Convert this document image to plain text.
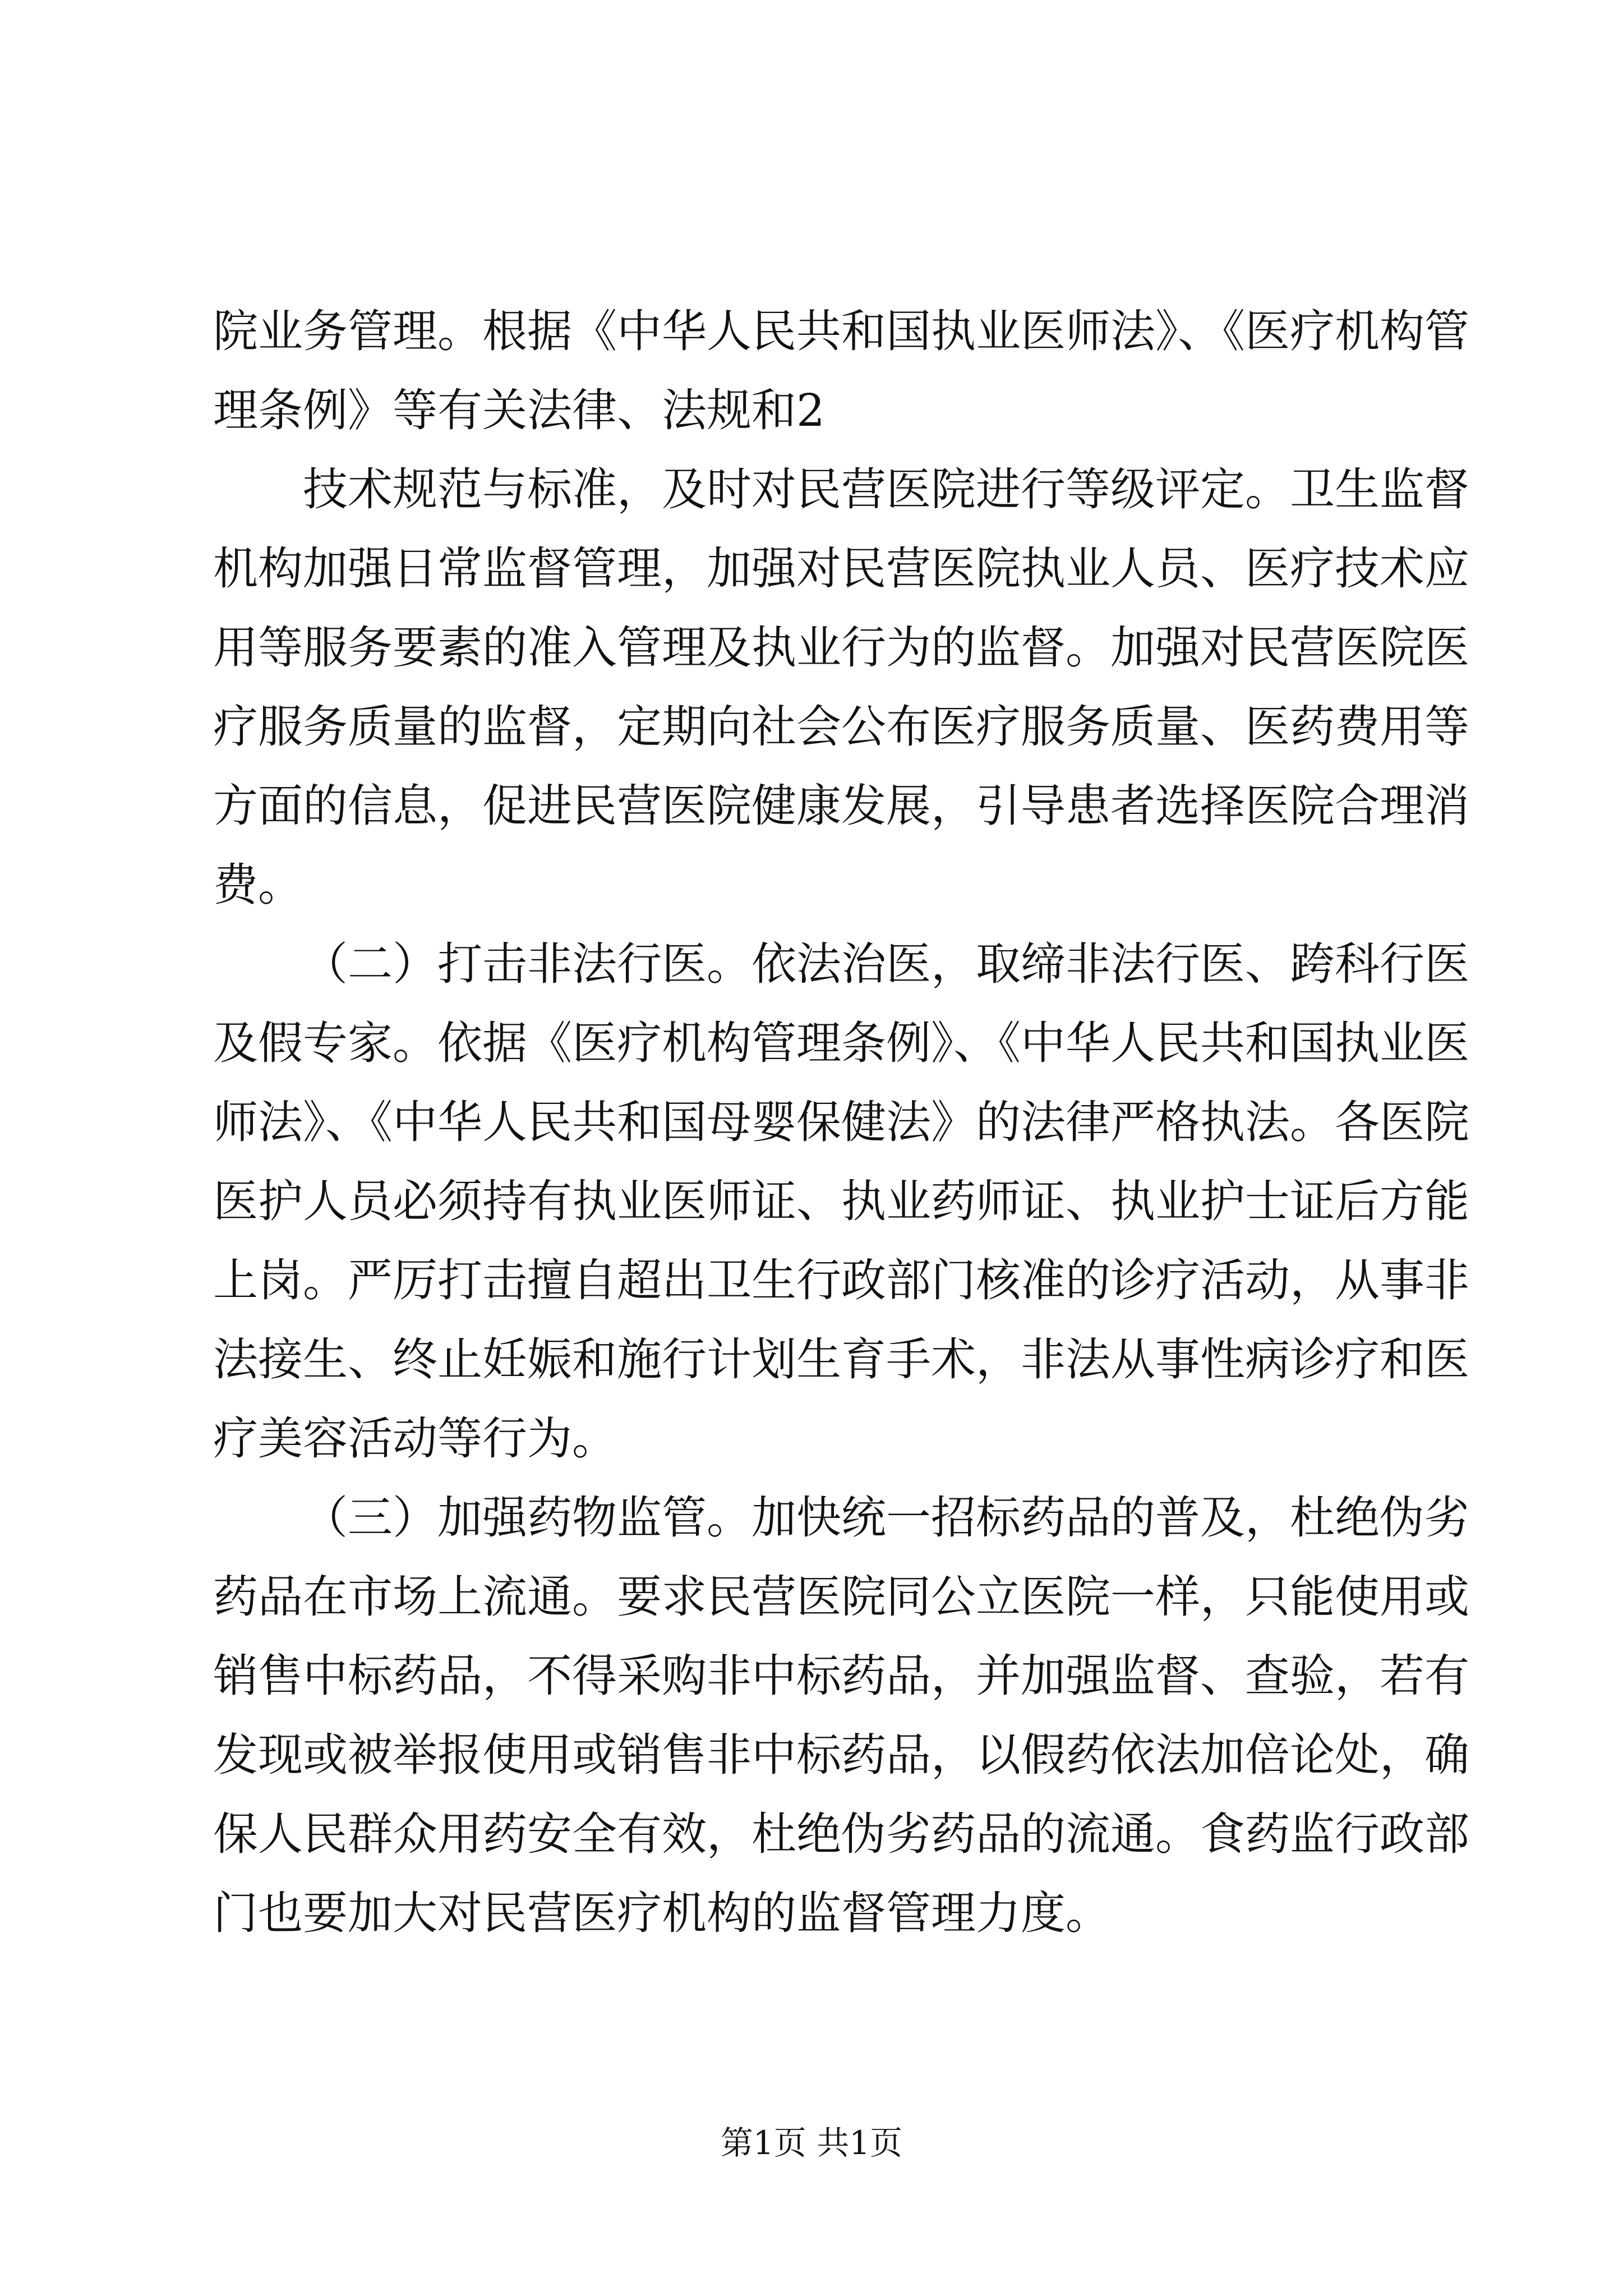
院业务管理。根据《中华人民共和国执业医师法》、《医疗机构管
理条例》等有关法律、法规和2
技术规范与标准，及时对民营医院进行等级评定。卫生监督
机构加强日常监督管理，加强对民营医院执业人员、医疗技术应
用等服务要素的准入管理及执业行为的监督。加强对民营医院医
疗服务质量的监督，定期向社会公布医疗服务质量、医药费用等
方面的信息，促进民营医院健康发展，引导患者选择医院合理消
费。
（二）打击非法行医。依法治医，取缔非法行医、跨科行医
及假专家。依据《医疗机构管理条例》、《中华人民共和国执业医
师法》、《中华人民共和国母婴保健法》的法律严格执法。各医院
医护人员必须持有执业医师证、执业药师证、执业护士证后方能
上岗。严厉打击擅自超出卫生行政部门核准的诊疗活动，从事非
法接生、终止妊娠和施行计划生育手术，非法从事性病诊疗和医
疗美容活动等行为。
（三）加强药物监管。加快统一招标药品的普及，杜绝伪劣
药品在市场上流通。要求民营医院同公立医院一样，只能使用或
销售中标药品，不得采购非中标药品，并加强监督、查验，若有
发现或被举报使用或销售非中标药品，以假药依法加倍论处，确
保人民群众用药安全有效，杜绝伪劣药品的流通。食药监行政部
门也要加大对民营医疗机构的监督管理力度。
第1页 共1页
